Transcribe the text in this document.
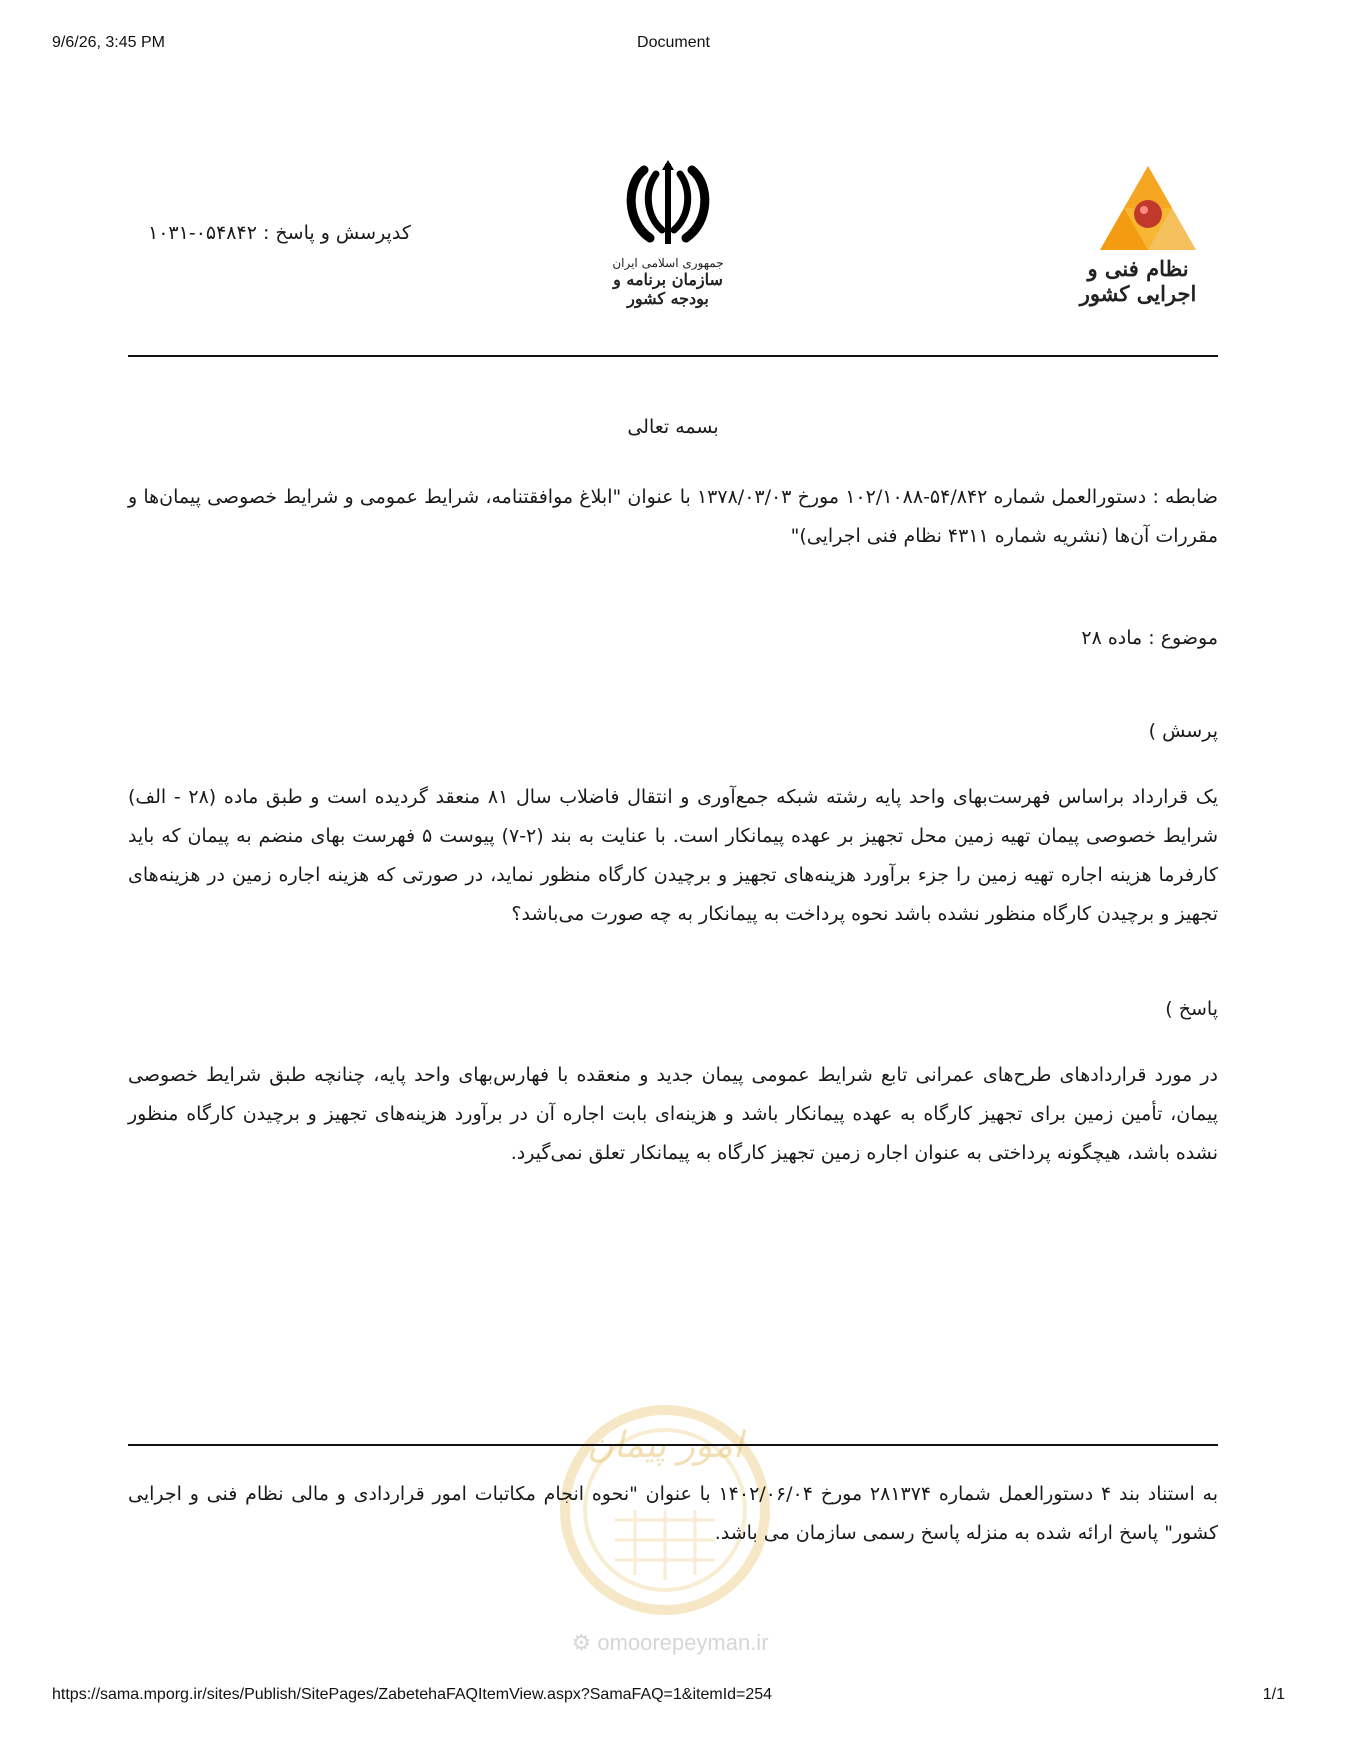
9/6/26, 3:45 PM	Document
نظام فنی و اجرایی کشور
جمهوری اسلامی ایران
سازمان برنامه و بودجه کشور
کدپرسش و پاسخ : ۰۵۴۸۴۲-۱۰۳۱
بسمه تعالی
ضابطه : دستورالعمل شماره ۵۴/۸۴۲-۱۰۲/۱۰۸۸ مورخ ۱۳۷۸/۰۳/۰۳ با عنوان "ابلاغ موافقتنامه، شرایط عمومی و شرایط خصوصی پیمان‌ها و مقررات آن‌ها (نشریه شماره ۴۳۱۱ نظام فنی اجرایی)"
موضوع : ماده ۲۸
پرسش )
یک قرارداد براساس فهرست‌بهای واحد پایه رشته شبکه جمع‌آوری و انتقال فاضلاب سال ۸۱ منعقد گردیده است و طبق ماده (۲۸ - الف) شرایط خصوصی پیمان تهیه زمین محل تجهیز بر عهده پیمانکار است. با عنایت به بند (۲-۷) پیوست ۵ فهرست بهای منضم به پیمان که باید کارفرما هزینه اجاره تهیه زمین را جزء برآورد هزینه‌های تجهیز و برچیدن کارگاه منظور نماید، در صورتی که هزینه اجاره زمین در هزینه‌های تجهیز و برچیدن کارگاه منظور نشده باشد نحوه پرداخت به پیمانکار به چه صورت می‌باشد؟
پاسخ )
در مورد قراردادهای طرح‌های عمرانی تابع شرایط عمومی پیمان جدید و منعقده با فهارس‌بهای واحد پایه، چنانچه طبق شرایط خصوصی پیمان، تأمین زمین برای تجهیز کارگاه به عهده پیمانکار باشد و هزینه‌ای بابت اجاره آن در برآورد هزینه‌های تجهیز و برچیدن کارگاه منظور نشده باشد، هیچگونه پرداختی به عنوان اجاره زمین تجهیز کارگاه به پیمانکار تعلق نمی‌گیرد.
امور پیمان
به استناد بند ۴ دستورالعمل شماره ۲۸۱۳۷۴ مورخ ۱۴۰۲/۰۶/۰۴ با عنوان "نحوه انجام مکاتبات امور قراردادی و مالی نظام فنی و اجرایی کشور" پاسخ ارائه شده به منزله پاسخ رسمی سازمان می باشد.
⚙ omoorepeyman.ir
https://sama.mporg.ir/sites/Publish/SitePages/ZabetehaFAQItemView.aspx?SamaFAQ=1&itemId=254	1/1
